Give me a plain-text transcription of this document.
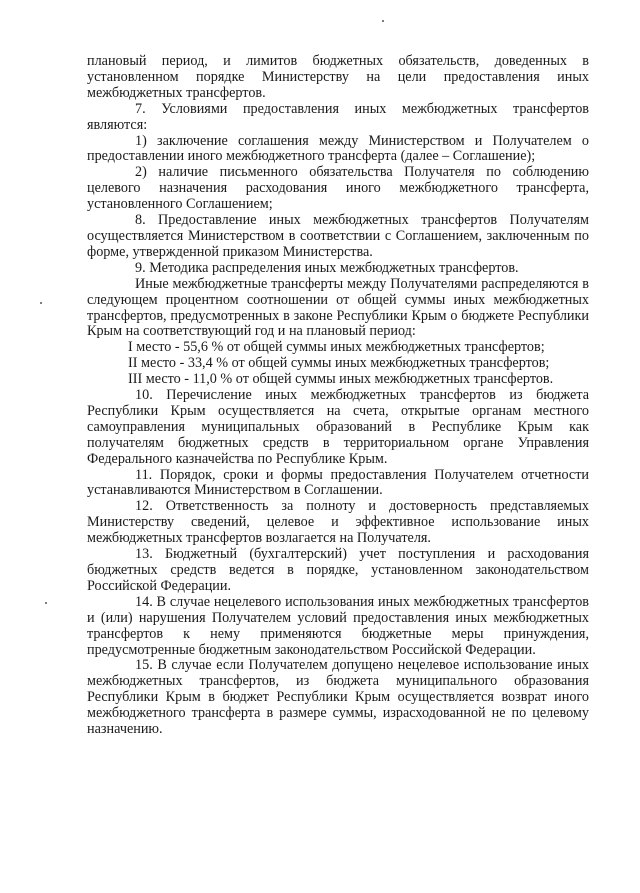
плановый период, и лимитов бюджетных обязательств, доведенных в установленном порядке Министерству на цели предоставления иных межбюджетных трансфертов.

7. Условиями предоставления иных межбюджетных трансфертов являются:

1) заключение соглашения между Министерством и Получателем о предоставлении иного межбюджетного трансферта (далее – Соглашение);

2) наличие письменного обязательства Получателя по соблюдению целевого назначения расходования иного межбюджетного трансферта, установленного Соглашением;

8. Предоставление иных межбюджетных трансфертов Получателям осуществляется Министерством в соответствии с Соглашением, заключенным по форме, утвержденной приказом Министерства.

9. Методика распределения иных межбюджетных трансфертов.

Иные межбюджетные трансферты между Получателями распределяются в следующем процентном соотношении от общей суммы иных межбюджетных трансфертов, предусмотренных в законе Республики Крым о бюджете Республики Крым на соответствующий год и на плановый период:

I место - 55,6 % от общей суммы иных межбюджетных трансфертов;

II место - 33,4 % от общей суммы иных межбюджетных трансфертов;

III место - 11,0 % от общей суммы иных межбюджетных трансфертов.

10. Перечисление иных межбюджетных трансфертов из бюджета Республики Крым осуществляется на счета, открытые органам местного самоуправления муниципальных образований в Республике Крым как получателям бюджетных средств в территориальном органе Управления Федерального казначейства по Республике Крым.

11. Порядок, сроки и формы предоставления Получателем отчетности устанавливаются Министерством в Соглашении.

12. Ответственность за полноту и достоверность представляемых Министерству сведений, целевое и эффективное использование иных межбюджетных трансфертов возлагается на Получателя.

13. Бюджетный (бухгалтерский) учет поступления и расходования бюджетных средств ведется в порядке, установленном законодательством Российской Федерации.

14. В случае нецелевого использования иных межбюджетных трансфертов и (или) нарушения Получателем условий предоставления иных межбюджетных трансфертов к нему применяются бюджетные меры принуждения, предусмотренные бюджетным законодательством Российской Федерации.

15. В случае если Получателем допущено нецелевое использование иных межбюджетных трансфертов, из бюджета муниципального образования Республики Крым в бюджет Республики Крым осуществляется возврат иного межбюджетного трансферта в размере суммы, израсходованной не по целевому назначению.
